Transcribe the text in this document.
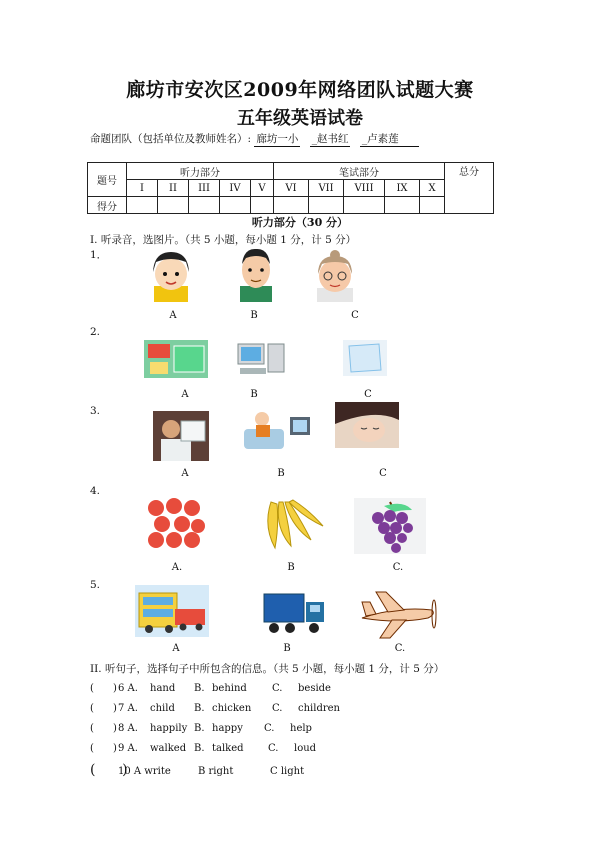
廊坊市安次区2009年网络团队试题大赛
五年级英语试卷
命题团队（包括单位及教师姓名）: 廊坊一小 _赵书红 _卢素莲
题号	听力部分					笔试部分					总分
	I	II	III	IV	V	VI	VII	VIII	IX	X	
得分											
听力部分（30 分）
I. 听录音，选图片。（共 5 小题，每小题 1 分，计 5 分）
1．
A	B	C
2.
A	B	C
3.
A	B	C
4.
A.	B	C.
5.
A	B	C.
II. 听句子，选择句子中所包含的信息。（共 5 小题，每小题 1 分，计 5 分）
(      )6 A. hand B. behind	C. beside
(      )7 A. child B. chicken C. children
(      )8 A. happily B. happy C. help
(      )9 A. walked B. talked C. loud
(      )10 A write	B right	C light
